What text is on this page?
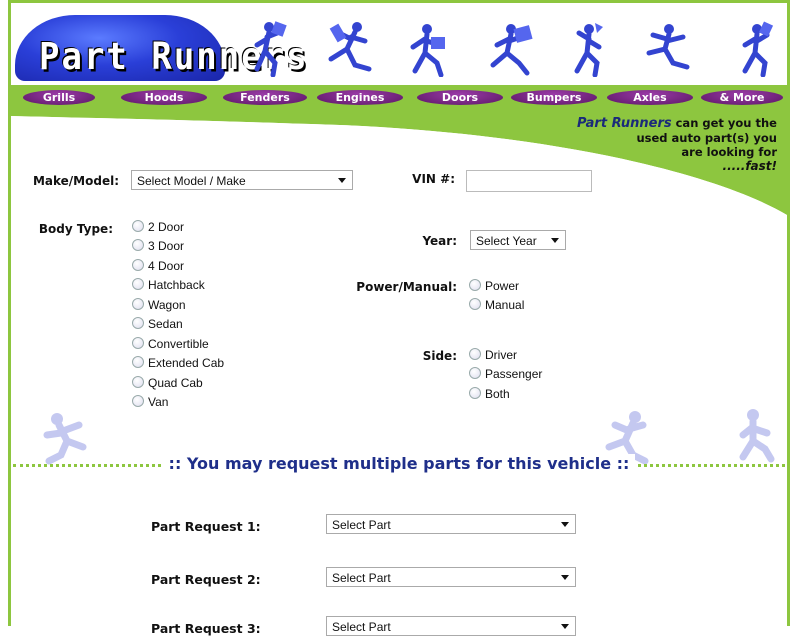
Part Runners
Grills	Hoods	Fenders	Engines	Doors	Bumpers	Axles	& More
Part Runners can get you the
used auto part(s) you
are looking for
.....fast!
Make/Model:	Select Model / Make	VIN #:
Body Type:	2 Door
3 Door
4 Door
Hatchback
Wagon
Sedan
Convertible
Extended Cab
Quad Cab
Van
Year:	Select Year
Power/Manual:	Power
Manual
Side:	Driver
Passenger
Both
:: You may request multiple parts for this vehicle ::
Part Request 1:	Select Part
Part Request 2:	Select Part
Part Request 3:	Select Part
